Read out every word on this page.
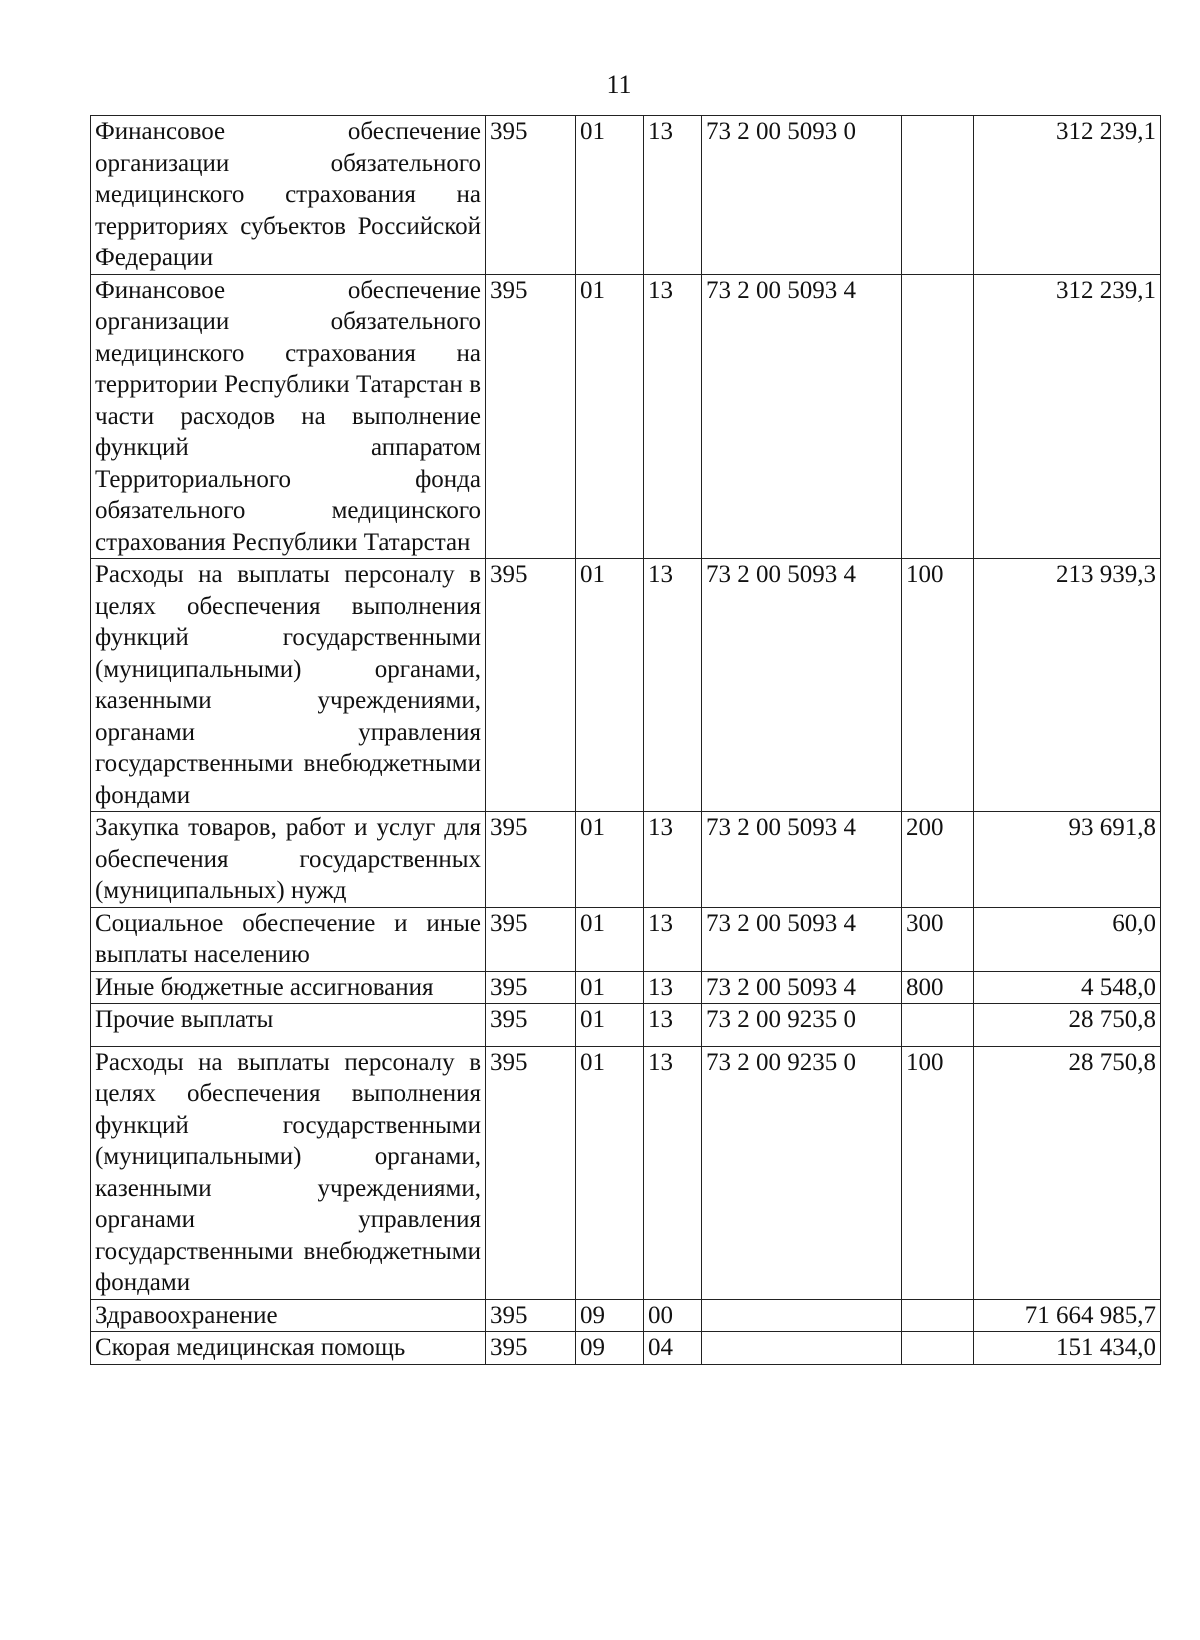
11
Финансовое обеспечение организации обязательного медицинского страхования на территориях субъектов Российской Федерации	395	01	13	73 2 00 5093 0		312 239,1
Финансовое обеспечение организации обязательного медицинского страхования на территории Республики Татарстан в части расходов на выполнение функций аппаратом Территориального фонда обязательного медицинского страхования Республики Татарстан	395	01	13	73 2 00 5093 4		312 239,1
Расходы на выплаты персоналу в целях обеспечения выполнения функций государственными (муниципальными) органами, казенными учреждениями, органами управления государственными внебюджетными фондами	395	01	13	73 2 00 5093 4	100	213 939,3
Закупка товаров, работ и услуг для обеспечения государственных (муниципальных) нужд	395	01	13	73 2 00 5093 4	200	93 691,8
Социальное обеспечение и иные выплаты населению	395	01	13	73 2 00 5093 4	300	60,0
Иные бюджетные ассигнования	395	01	13	73 2 00 5093 4	800	4 548,0
Прочие выплаты	395	01	13	73 2 00 9235 0		28 750,8
Расходы на выплаты персоналу в целях обеспечения выполнения функций государственными (муниципальными) органами, казенными учреждениями, органами управления государственными внебюджетными фондами	395	01	13	73 2 00 9235 0	100	28 750,8
Здравоохранение	395	09	00			71 664 985,7
Скорая медицинская помощь	395	09	04			151 434,0
